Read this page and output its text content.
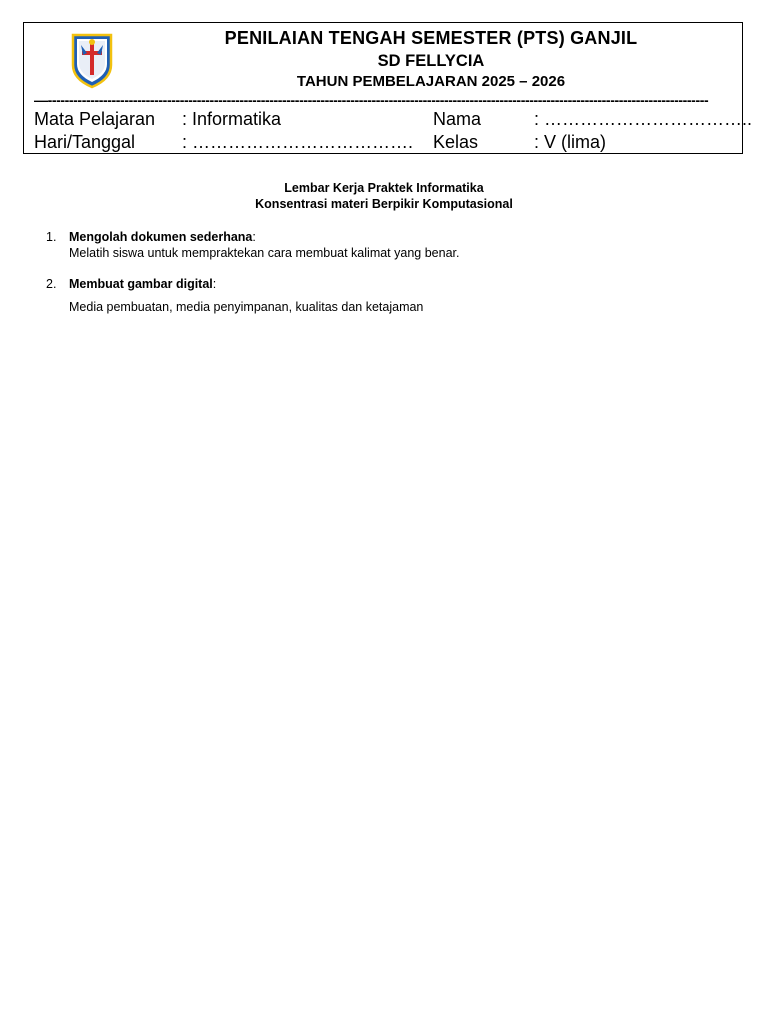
PENILAIAN TENGAH SEMESTER (PTS) GANJIL
SD FELLYCIA
TAHUN PEMBELAJARAN 2025 – 2026
—-----------------------------------------------------------------------------------------------------------------------------------------------------------
Mata Pelajaran : Informatika	Nama	: ……………………………..
Hari/Tanggal	: ………………………………. Kelas	: V (lima)
Lembar Kerja Praktek Informatika
Konsentrasi materi Berpikir Komputasional
1. Mengolah dokumen sederhana:
Melatih siswa untuk mempraktekan cara membuat kalimat yang benar.
2. Membuat gambar digital:
Media pembuatan, media penyimpanan, kualitas dan ketajaman
